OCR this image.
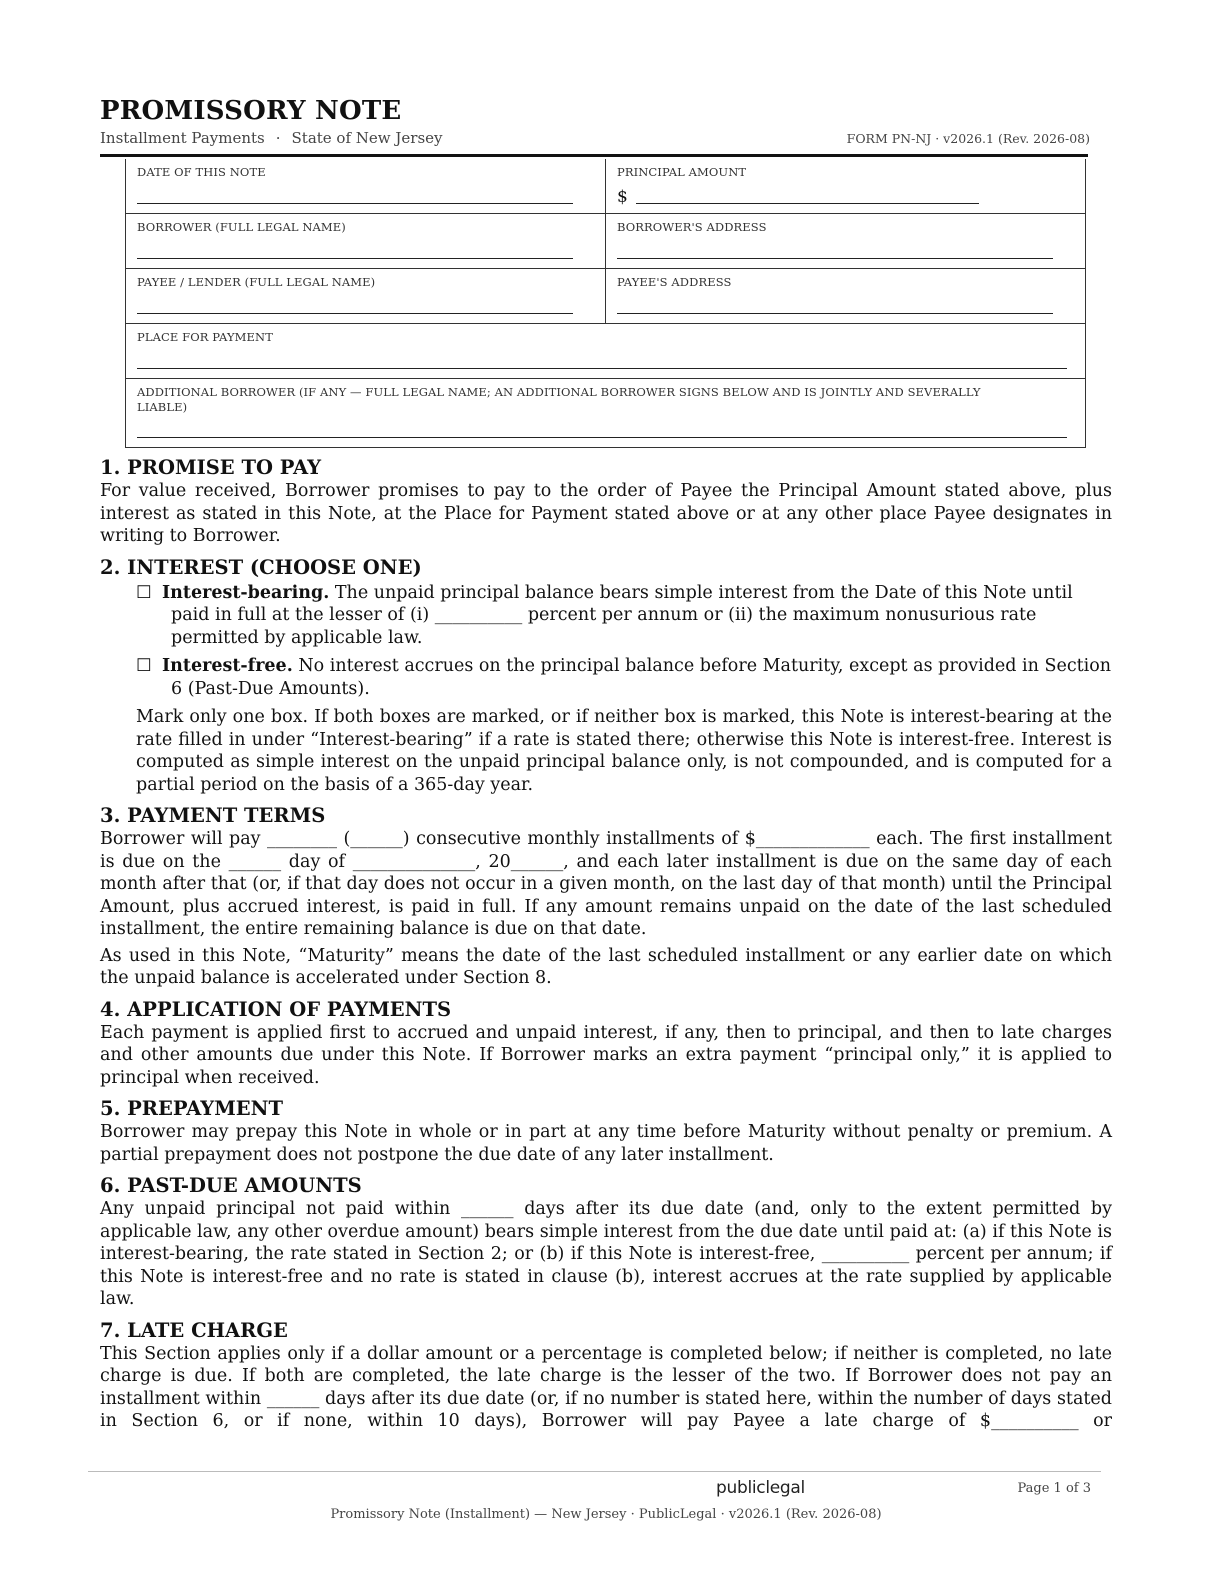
PROMISSORY NOTE
Installment Payments · State of New Jersey	FORM PN-NJ · v2026.1 (Rev. 2026-08)
DATE OF THIS NOTE	PRINCIPAL AMOUNT
$
BORROWER (FULL LEGAL NAME)	BORROWER'S ADDRESS
PAYEE / LENDER (FULL LEGAL NAME)	PAYEE'S ADDRESS
PLACE FOR PAYMENT
ADDITIONAL BORROWER (IF ANY — FULL LEGAL NAME; AN ADDITIONAL BORROWER SIGNS BELOW AND IS JOINTLY AND SEVERALLY LIABLE)
1. PROMISE TO PAY

For value received, Borrower promises to pay to the order of Payee the Principal Amount stated above, plus interest as stated in this Note, at the Place for Payment stated above or at any other place Payee designates in writing to Borrower.

2. INTEREST (CHOOSE ONE)
☐ Interest-bearing. The unpaid principal balance bears simple interest from the Date of this Note until paid in full at the lesser of (i) __________ percent per annum or (ii) the maximum nonusurious rate permitted by applicable law.
☐ Interest-free. No interest accrues on the principal balance before Maturity, except as provided in Section 6 (Past-Due Amounts).

Mark only one box. If both boxes are marked, or if neither box is marked, this Note is interest-bearing at the rate filled in under “Interest-bearing” if a rate is stated there; otherwise this Note is interest-free. Interest is computed as simple interest on the unpaid principal balance only, is not compounded, and is computed for a partial period on the basis of a 365-day year.

3. PAYMENT TERMS

Borrower will pay ________ (______) consecutive monthly installments of $_____________ each. The first installment is due on the ______ day of ______________, 20______, and each later installment is due on the same day of each month after that (or, if that day does not occur in a given month, on the last day of that month) until the Principal Amount, plus accrued interest, is paid in full. If any amount remains unpaid on the date of the last scheduled installment, the entire remaining balance is due on that date.

As used in this Note, “Maturity” means the date of the last scheduled installment or any earlier date on which the unpaid balance is accelerated under Section 8.

4. APPLICATION OF PAYMENTS

Each payment is applied first to accrued and unpaid interest, if any, then to principal, and then to late charges and other amounts due under this Note. If Borrower marks an extra payment “principal only,” it is applied to principal when received.

5. PREPAYMENT

Borrower may prepay this Note in whole or in part at any time before Maturity without penalty or premium. A partial prepayment does not postpone the due date of any later installment.

6. PAST-DUE AMOUNTS

Any unpaid principal not paid within ______ days after its due date (and, only to the extent permitted by applicable law, any other overdue amount) bears simple interest from the due date until paid at: (a) if this Note is interest-bearing, the rate stated in Section 2; or (b) if this Note is interest-free, __________ percent per annum; if this Note is interest-free and no rate is stated in clause (b), interest accrues at the rate supplied by applicable law.

7. LATE CHARGE

This Section applies only if a dollar amount or a percentage is completed below; if neither is completed, no late charge is due. If both are completed, the late charge is the lesser of the two. If Borrower does not pay an installment within ______ days after its due date (or, if no number is stated here, within the number of days stated in Section 6, or if none, within 10 days), Borrower will pay Payee a late charge of $__________ or

publiclegal	Page 1 of 3
Promissory Note (Installment) — New Jersey · PublicLegal · v2026.1 (Rev. 2026-08)
